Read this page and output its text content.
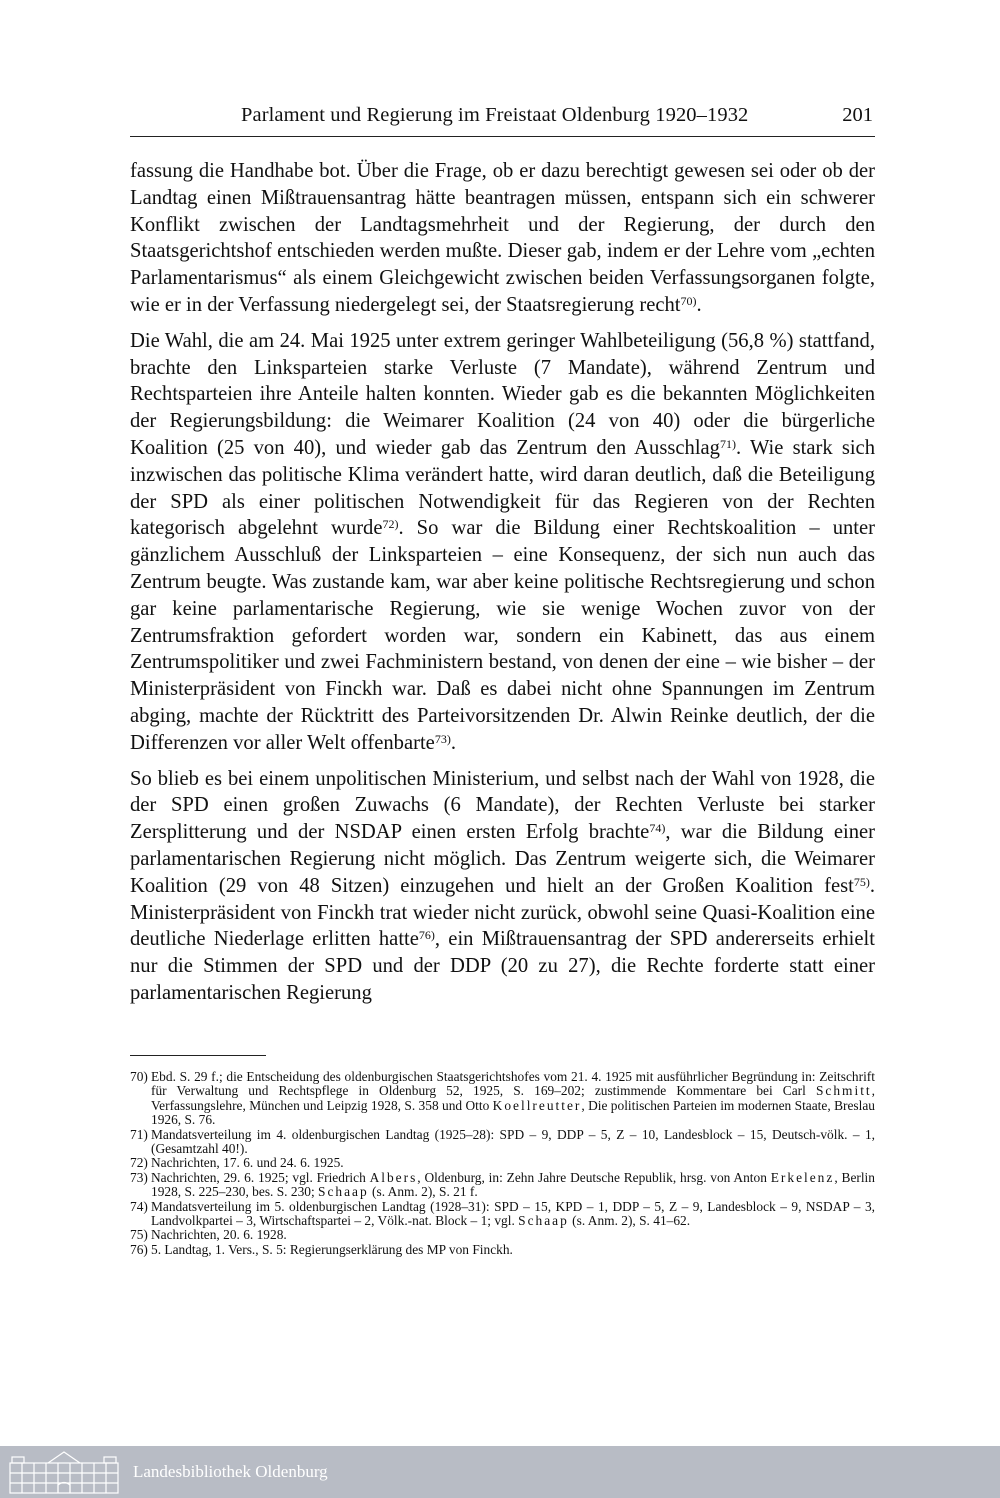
Parlament und Regierung im Freistaat Oldenburg 1920–1932	201

fassung die Handhabe bot. Über die Frage, ob er dazu berechtigt gewesen sei oder ob der Landtag einen Mißtrauensantrag hätte beantragen müssen, entspann sich ein schwerer Konflikt zwischen der Landtagsmehrheit und der Regierung, der durch den Staatsgerichtshof entschieden werden mußte. Dieser gab, indem er der Lehre vom „echten Parlamentarismus“ als einem Gleichgewicht zwischen beiden Verfassungsorganen folgte, wie er in der Verfassung niedergelegt sei, der Staatsregierung recht$^{70)}$.

Die Wahl, die am 24. Mai 1925 unter extrem geringer Wahlbeteiligung (56,8 %) stattfand, brachte den Linksparteien starke Verluste (7 Mandate), während Zentrum und Rechtsparteien ihre Anteile halten konnten. Wieder gab es die bekannten Möglichkeiten der Regierungsbildung: die Weimarer Koalition (24 von 40) oder die bürgerliche Koalition (25 von 40), und wieder gab das Zentrum den Ausschlag$^{71)}$. Wie stark sich inzwischen das politische Klima verändert hatte, wird daran deutlich, daß die Beteiligung der SPD als einer politischen Notwendigkeit für das Regieren von der Rechten kategorisch abgelehnt wurde$^{72)}$. So war die Bildung einer Rechtskoalition – unter gänzlichem Ausschluß der Linksparteien – eine Konsequenz, der sich nun auch das Zentrum beugte. Was zustande kam, war aber keine politische Rechtsregierung und schon gar keine parlamentarische Regierung, wie sie wenige Wochen zuvor von der Zentrumsfraktion gefordert worden war, sondern ein Kabinett, das aus einem Zentrumspolitiker und zwei Fachministern bestand, von denen der eine – wie bisher – der Ministerpräsident von Finckh war. Daß es dabei nicht ohne Spannungen im Zentrum abging, machte der Rücktritt des Parteivorsitzenden Dr. Alwin Reinke deutlich, der die Differenzen vor aller Welt offenbarte$^{73)}$.

So blieb es bei einem unpolitischen Ministerium, und selbst nach der Wahl von 1928, die der SPD einen großen Zuwachs (6 Mandate), der Rechten Verluste bei starker Zersplitterung und der NSDAP einen ersten Erfolg brachte$^{74)}$, war die Bildung einer parlamentarischen Regierung nicht möglich. Das Zentrum weigerte sich, die Weimarer Koalition (29 von 48 Sitzen) einzugehen und hielt an der Großen Koalition fest$^{75)}$. Ministerpräsident von Finckh trat wieder nicht zurück, obwohl seine Quasi-Koalition eine deutliche Niederlage erlitten hatte$^{76)}$, ein Mißtrauensantrag der SPD andererseits erhielt nur die Stimmen der SPD und der DDP (20 zu 27), die Rechte forderte statt einer parlamentarischen Regierung

70) Ebd. S. 29 f.; die Entscheidung des oldenburgischen Staatsgerichtshofes vom 21. 4. 1925 mit ausführlicher Begründung in: Zeitschrift für Verwaltung und Rechtspflege in Oldenburg 52, 1925, S. 169–202; zustimmende Kommentare bei Carl Schmitt, Verfassungslehre, München und Leipzig 1928, S. 358 und Otto Koellreutter, Die politischen Parteien im modernen Staate, Breslau 1926, S. 76.
71) Mandatsverteilung im 4. oldenburgischen Landtag (1925–28): SPD – 9, DDP – 5, Z – 10, Landesblock – 15, Deutsch-völk. – 1, (Gesamtzahl 40!).
72) Nachrichten, 17. 6. und 24. 6. 1925.
73) Nachrichten, 29. 6. 1925; vgl. Friedrich Albers, Oldenburg, in: Zehn Jahre Deutsche Republik, hrsg. von Anton Erkelenz, Berlin 1928, S. 225–230, bes. S. 230; Schaap (s. Anm. 2), S. 21 f.
74) Mandatsverteilung im 5. oldenburgischen Landtag (1928–31): SPD – 15, KPD – 1, DDP – 5, Z – 9, Landesblock – 9, NSDAP – 3, Landvolkpartei – 3, Wirtschaftspartei – 2, Völk.-nat. Block – 1; vgl. Schaap (s. Anm. 2), S. 41–62.
75) Nachrichten, 20. 6. 1928.
76) 5. Landtag, 1. Vers., S. 5: Regierungserklärung des MP von Finckh.
Landesbibliothek Oldenburg
